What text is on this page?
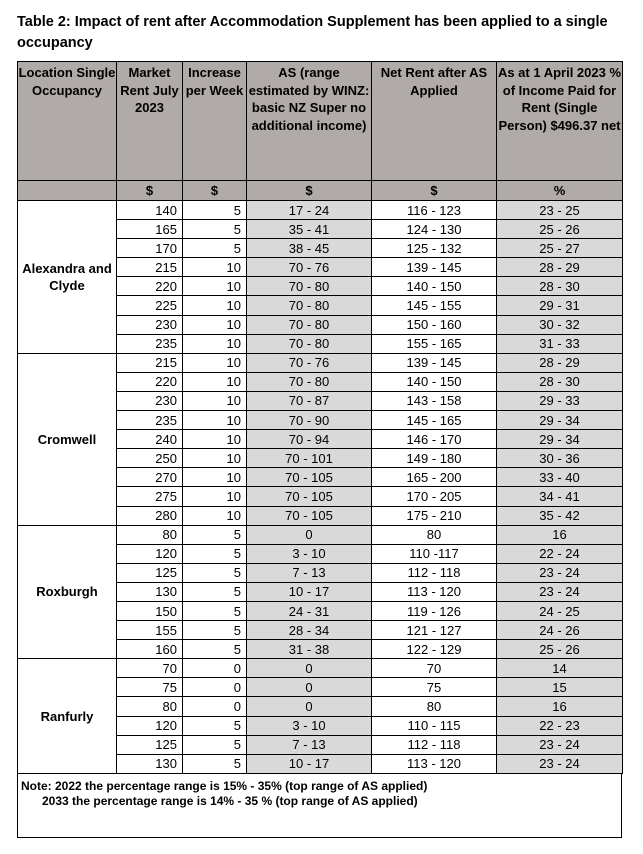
Table 2: Impact of rent after Accommodation Supplement has been applied to a single occupancy
Location Single Occupancy	Market Rent July 2023	Increase per Week	AS (range estimated by WINZ: basic NZ Super no additional income)	Net Rent after AS Applied	As at 1 April 2023 % of Income Paid for Rent (Single Person) $496.37 net
	$	$	$	$	%
Alexandra and Clyde	140	5	17 - 24	116 - 123	23 - 25
	165	5	35 - 41	124 - 130	25 - 26
	170	5	38 - 45	125 - 132	25 - 27
	215	10	70 - 76	139 - 145	28 - 29
	220	10	70 - 80	140 - 150	28 - 30
	225	10	70 - 80	145 - 155	29 - 31
	230	10	70 - 80	150 - 160	30 - 32
	235	10	70 - 80	155 - 165	31 - 33
Cromwell	215	10	70 - 76	139 - 145	28 - 29
	220	10	70 - 80	140 - 150	28 - 30
	230	10	70 - 87	143 - 158	29 - 33
	235	10	70 - 90	145 - 165	29 - 34
	240	10	70 - 94	146 - 170	29 - 34
	250	10	70 - 101	149 - 180	30 - 36
	270	10	70 - 105	165 - 200	33 - 40
	275	10	70 - 105	170 - 205	34 - 41
	280	10	70 - 105	175 - 210	35 - 42
Roxburgh	80	5	0	80	16
	120	5	3 - 10	110 -117	22 - 24
	125	5	7 - 13	112 - 118	23 - 24
	130	5	10 - 17	113 - 120	23 - 24
	150	5	24 - 31	119 - 126	24 - 25
	155	5	28 - 34	121 - 127	24 - 26
	160	5	31 - 38	122 - 129	25 - 26
Ranfurly	70	0	0	70	14
	75	0	0	75	15
	80	0	0	80	16
	120	5	3 - 10	110 - 115	22 - 23
	125	5	7 - 13	112 - 118	23 - 24
	130	5	10 - 17	113 - 120	23 - 24
Note: 2022 the percentage range is 15% - 35% (top range of AS applied)
2033 the percentage range is 14% - 35 % (top range of AS applied)
